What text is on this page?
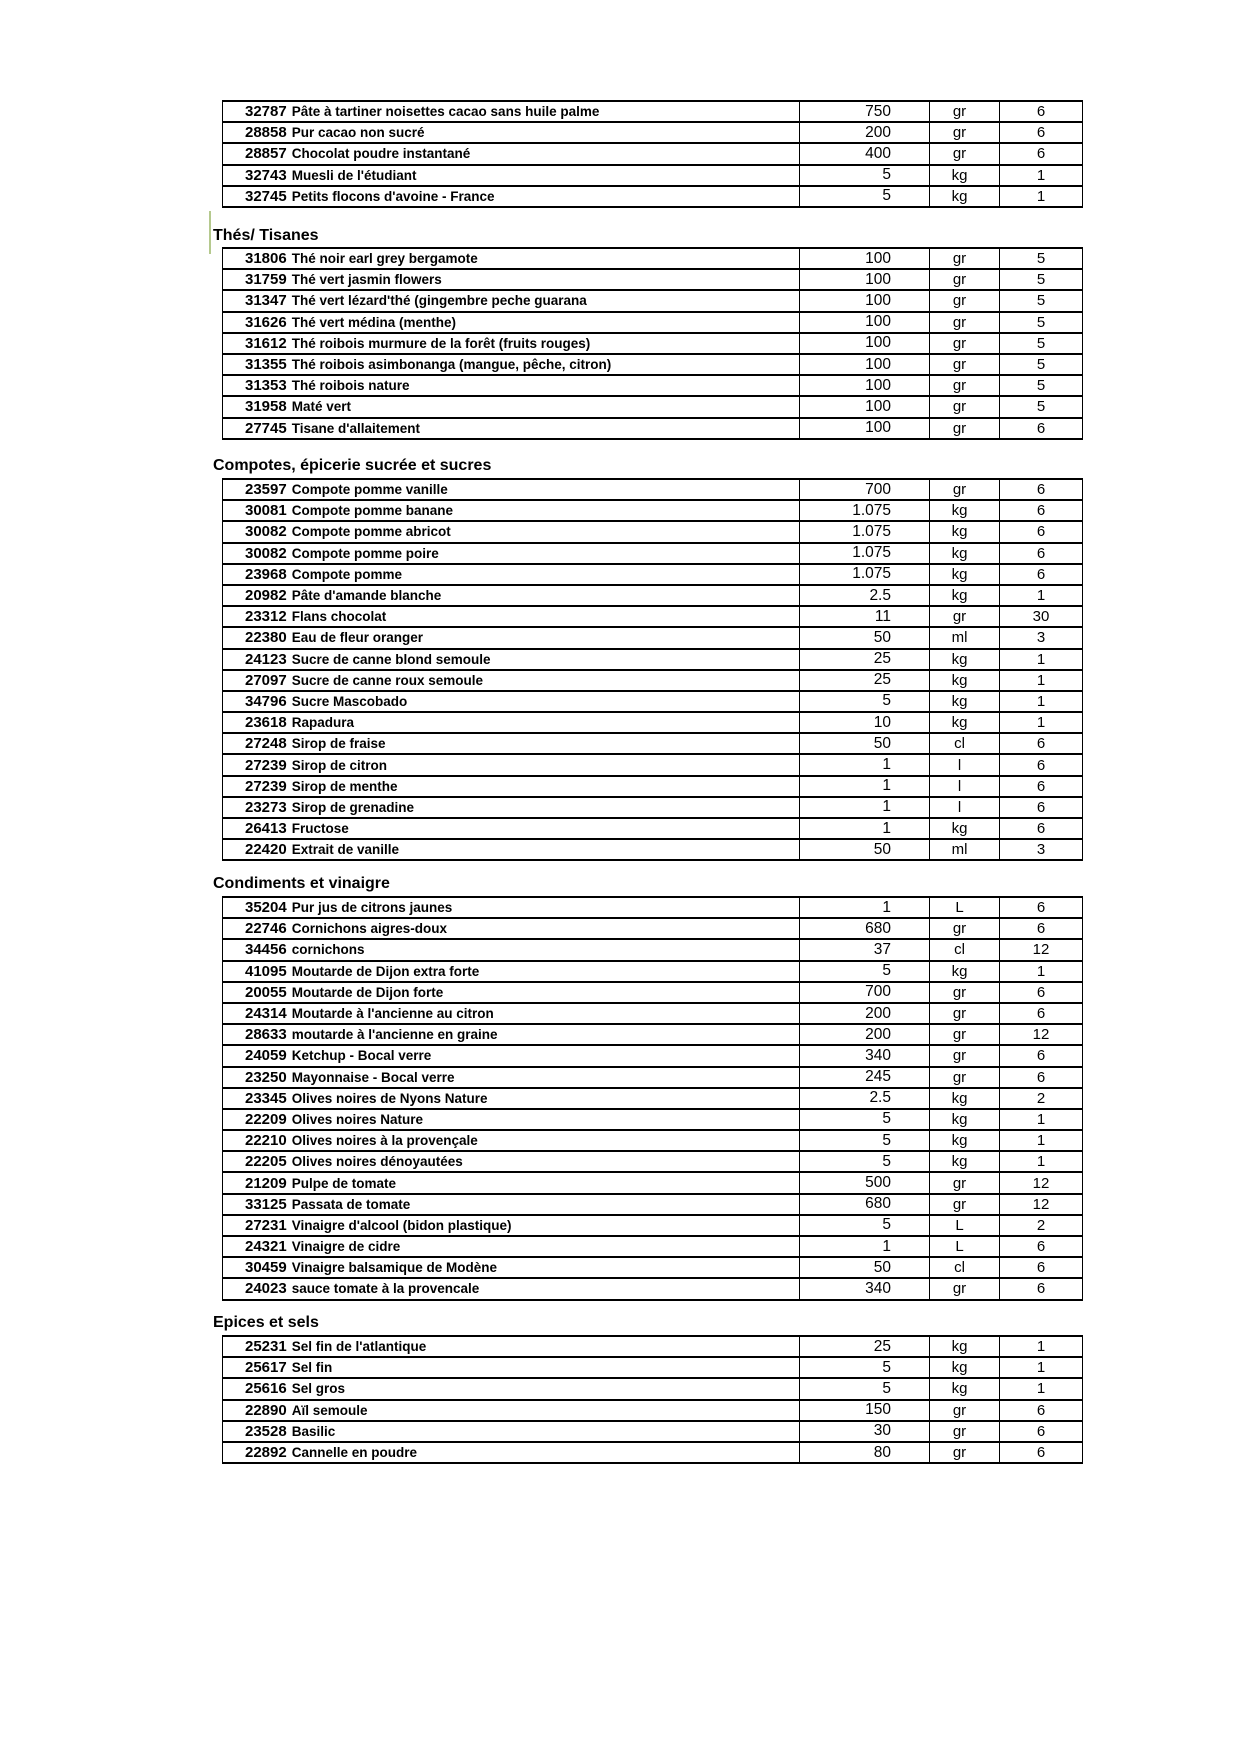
32787 Pâte à tartiner noisettes cacao sans huile palme	750	gr	6
28858 Pur cacao non sucré	200	gr	6
28857 Chocolat poudre instantané	400	gr	6
32743 Muesli de l'étudiant	5	kg	1
32745 Petits flocons d'avoine - France	5	kg	1
Thés/ Tisanes
31806 Thé noir earl grey bergamote	100	gr	5
31759 Thé vert jasmin flowers	100	gr	5
31347 Thé vert lézard'thé (gingembre peche guarana	100	gr	5
31626 Thé vert médina (menthe)	100	gr	5
31612 Thé roibois murmure de la forêt (fruits rouges)	100	gr	5
31355 Thé roibois asimbonanga (mangue, pêche, citron)	100	gr	5
31353 Thé roibois nature	100	gr	5
31958 Maté vert	100	gr	5
27745 Tisane d'allaitement	100	gr	6
Compotes, épicerie sucrée et sucres
23597 Compote pomme vanille	700	gr	6
30081 Compote pomme banane	1.075	kg	6
30082 Compote pomme abricot	1.075	kg	6
30082 Compote pomme poire	1.075	kg	6
23968 Compote pomme	1.075	kg	6
20982 Pâte d'amande blanche	2.5	kg	1
23312 Flans chocolat	11	gr	30
22380 Eau de fleur oranger	50	ml	3
24123 Sucre de canne blond semoule	25	kg	1
27097 Sucre de canne roux semoule	25	kg	1
34796 Sucre Mascobado	5	kg	1
23618 Rapadura	10	kg	1
27248 Sirop de fraise	50	cl	6
27239 Sirop de citron	1	l	6
27239 Sirop de menthe	1	l	6
23273 Sirop de grenadine	1	l	6
26413 Fructose	1	kg	6
22420 Extrait de vanille	50	ml	3
Condiments et vinaigre
35204 Pur jus de citrons jaunes	1	L	6
22746 Cornichons aigres-doux	680	gr	6
34456 cornichons	37	cl	12
41095 Moutarde de Dijon extra forte	5	kg	1
20055 Moutarde de Dijon forte	700	gr	6
24314 Moutarde à l'ancienne au citron	200	gr	6
28633 moutarde à l'ancienne en graine	200	gr	12
24059 Ketchup - Bocal verre	340	gr	6
23250 Mayonnaise - Bocal verre	245	gr	6
23345 Olives noires de Nyons Nature	2.5	kg	2
22209 Olives noires Nature	5	kg	1
22210 Olives noires à la provençale	5	kg	1
22205 Olives noires dénoyautées	5	kg	1
21209 Pulpe de tomate	500	gr	12
33125 Passata de tomate	680	gr	12
27231 Vinaigre d'alcool (bidon plastique)	5	L	2
24321 Vinaigre de cidre	1	L	6
30459 Vinaigre balsamique de Modène	50	cl	6
24023 sauce tomate à la provencale	340	gr	6
Epices et sels
25231 Sel fin de l'atlantique	25	kg	1
25617 Sel fin	5	kg	1
25616 Sel gros	5	kg	1
22890 Aïl semoule	150	gr	6
23528 Basilic	30	gr	6
22892 Cannelle en poudre	80	gr	6
